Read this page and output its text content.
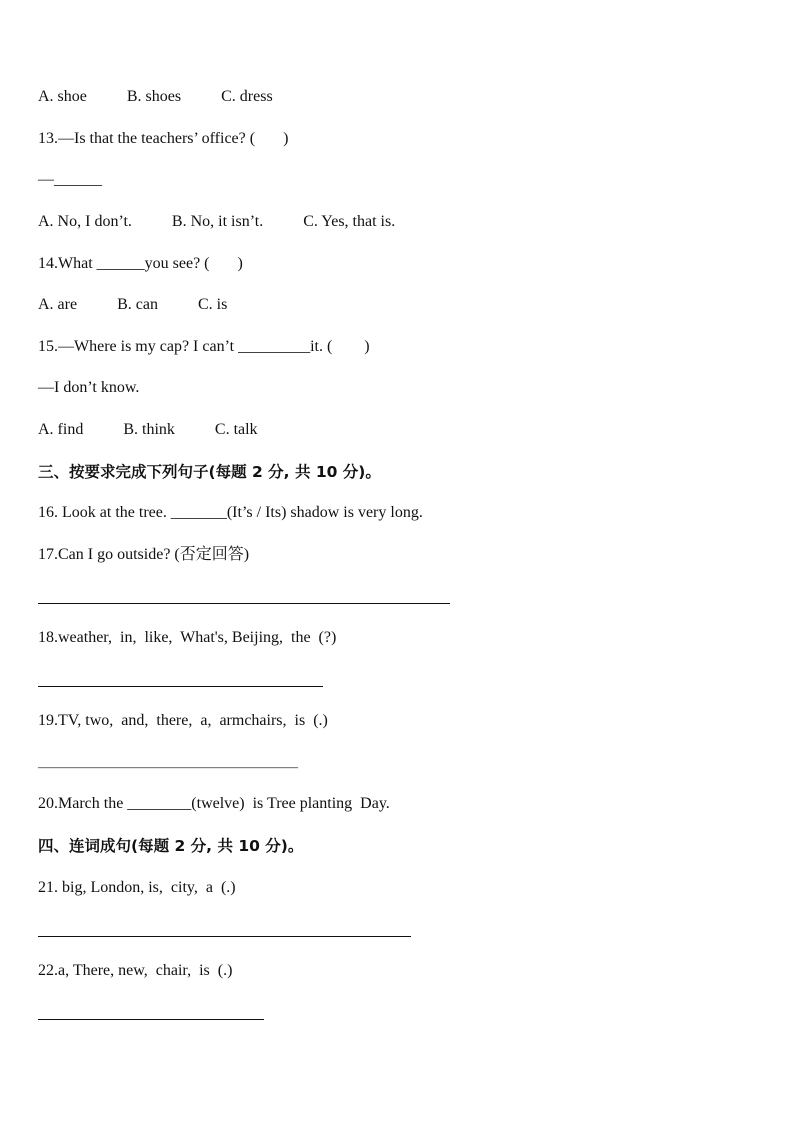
A. shoe          B. shoes          C. dress
13.—Is that the teachers’ office? (       )
—______
A. No, I don’t.          B. No, it isn’t.          C. Yes, that is.
14.What ______you see? (       )
A. are          B. can          C. is
15.—Where is my cap? I can’t _________it. (        )
—I don’t know.
A. find          B. think          C. talk
三、按要求完成下列句子(每题 2 分, 共 10 分)。
16. Look at the tree. _______(It’s / Its) shadow is very long.
17.Can I go outside? (否定回答)
18.weather,  in,  like,  What's, Beijing,  the  (?)
19.TV, two,  and,  there,  a,  armchairs,  is  (.)
————————————————————
20.March the ________(twelve)  is Tree planting  Day.
四、连词成句(每题 2 分, 共 10 分)。
21. big, London, is,  city,  a  (.)
22.a, There, new,  chair,  is  (.)
